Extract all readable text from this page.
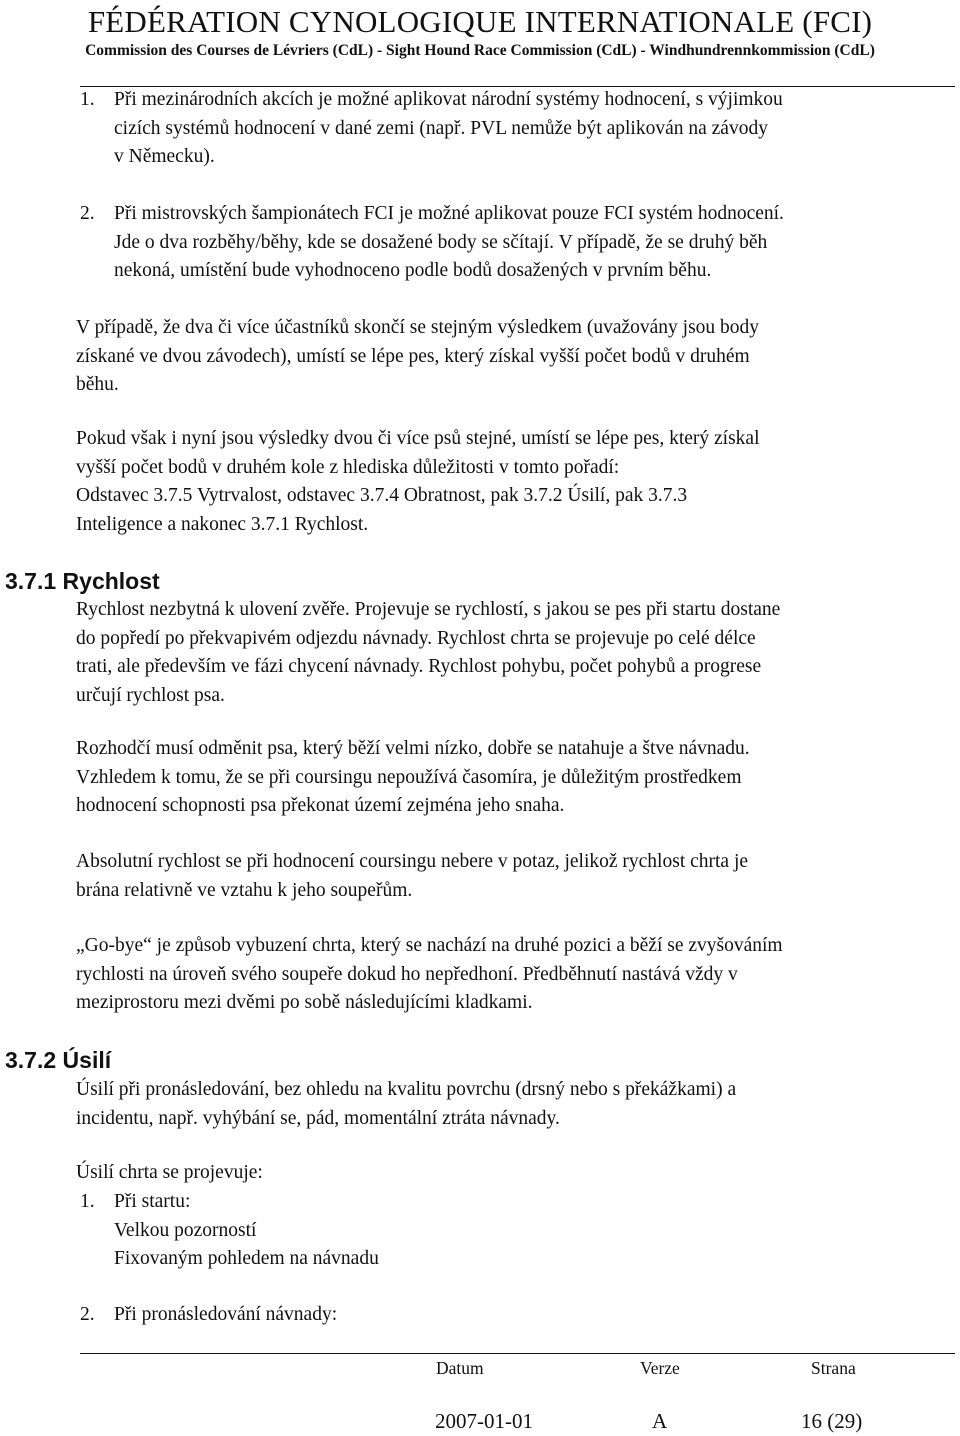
FÉDÉRATION CYNOLOGIQUE INTERNATIONALE (FCI)
Commission des Courses de Lévriers (CdL) - Sight Hound Race Commission (CdL) - Windhundrennkommission (CdL)
1. Při mezinárodních akcích je možné aplikovat národní systémy hodnocení, s výjimkou
cizích systémů hodnocení v dané zemi (např. PVL nemůže být aplikován na závody
v Německu).
2. Při mistrovských šampionátech FCI je možné aplikovat pouze FCI systém hodnocení.
Jde o dva rozběhy/běhy, kde se dosažené body se sčítají. V případě, že se druhý běh
nekoná, umístění bude vyhodnoceno podle bodů dosažených v prvním běhu.
V případě, že dva či více účastníků skončí se stejným výsledkem (uvažovány jsou body
získané ve dvou závodech), umístí se lépe pes, který získal vyšší počet bodů v druhém
běhu.
Pokud však i nyní jsou výsledky dvou či více psů stejné, umístí se lépe pes, který získal
vyšší počet bodů v druhém kole z hlediska důležitosti v tomto pořadí:
Odstavec 3.7.5 Vytrvalost, odstavec 3.7.4 Obratnost, pak 3.7.2 Úsilí, pak 3.7.3
Inteligence a nakonec 3.7.1 Rychlost.
3.7.1 Rychlost
Rychlost nezbytná k ulovení zvěře. Projevuje se rychlostí, s jakou se pes při startu dostane
do popředí po překvapivém odjezdu návnady. Rychlost chrta se projevuje po celé délce
trati, ale především ve fázi chycení návnady. Rychlost pohybu, počet pohybů a progrese
určují rychlost psa.
Rozhodčí musí odměnit psa, který běží velmi nízko, dobře se natahuje a štve návnadu.
Vzhledem k tomu, že se při coursingu nepoužívá časomíra, je důležitým prostředkem
hodnocení schopnosti psa překonat území zejména jeho snaha.
Absolutní rychlost se při hodnocení coursingu nebere v potaz, jelikož rychlost chrta je
brána relativně ve vztahu k jeho soupeřům.
„Go-bye“ je způsob vybuzení chrta, který se nachází na druhé pozici a běží se zvyšováním
rychlosti na úroveň svého soupeře dokud ho nepředhoní. Předběhnutí nastává vždy v
meziprostoru mezi dvěmi po sobě následujícími kladkami.
3.7.2 Úsilí
Úsilí při pronásledování, bez ohledu na kvalitu povrchu (drsný nebo s překážkami) a
incidentu, např. vyhýbání se, pád, momentální ztráta návnady.
Úsilí chrta se projevuje:
1. Při startu:
Velkou pozorností
Fixovaným pohledem na návnadu
2. Při pronásledování návnady:
Datum	Verze	Strana
2007-01-01	A	16 (29)
